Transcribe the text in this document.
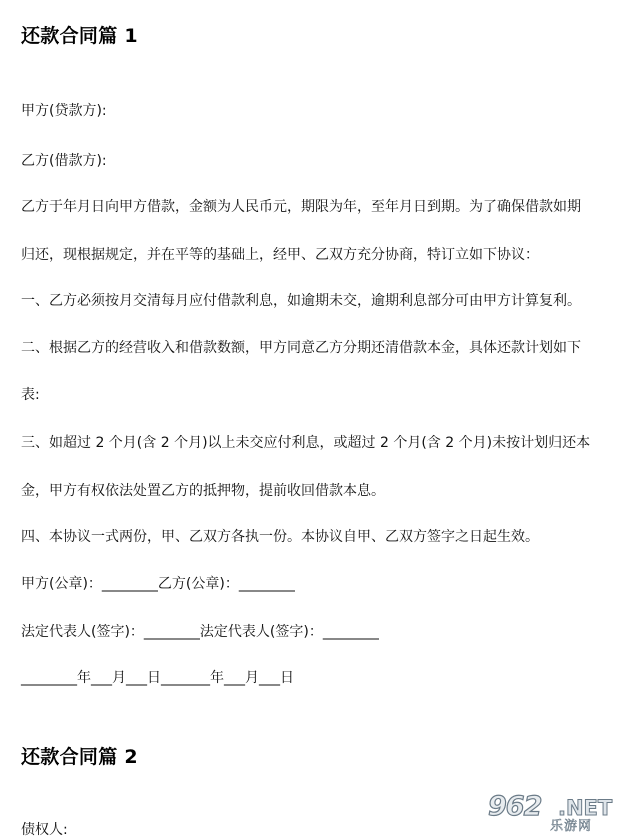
还款合同篇 1
甲方(贷款方):
乙方(借款方):
乙方于年月日向甲方借款，金额为人民币元，期限为年，至年月日到期。为了确保借款如期
归还，现根据规定，并在平等的基础上，经甲、乙双方充分协商，特订立如下协议：
一、乙方必须按月交清每月应付借款利息，如逾期未交，逾期利息部分可由甲方计算复利。
二、根据乙方的经营收入和借款数额，甲方同意乙方分期还清借款本金，具体还款计划如下
表:
三、如超过 2 个月(含 2 个月)以上未交应付利息，或超过 2 个月(含 2 个月)未按计划归还本
金，甲方有权依法处置乙方的抵押物，提前收回借款本息。
四、本协议一式两份，甲、乙双方各执一份。本协议自甲、乙双方签字之日起生效。
甲方(公章)：________乙方(公章)：________
法定代表人(签字)：________法定代表人(签字)：________
________年___月___日_______年___月___日
还款合同篇 2
债权人:
962 .NET
乐游网
